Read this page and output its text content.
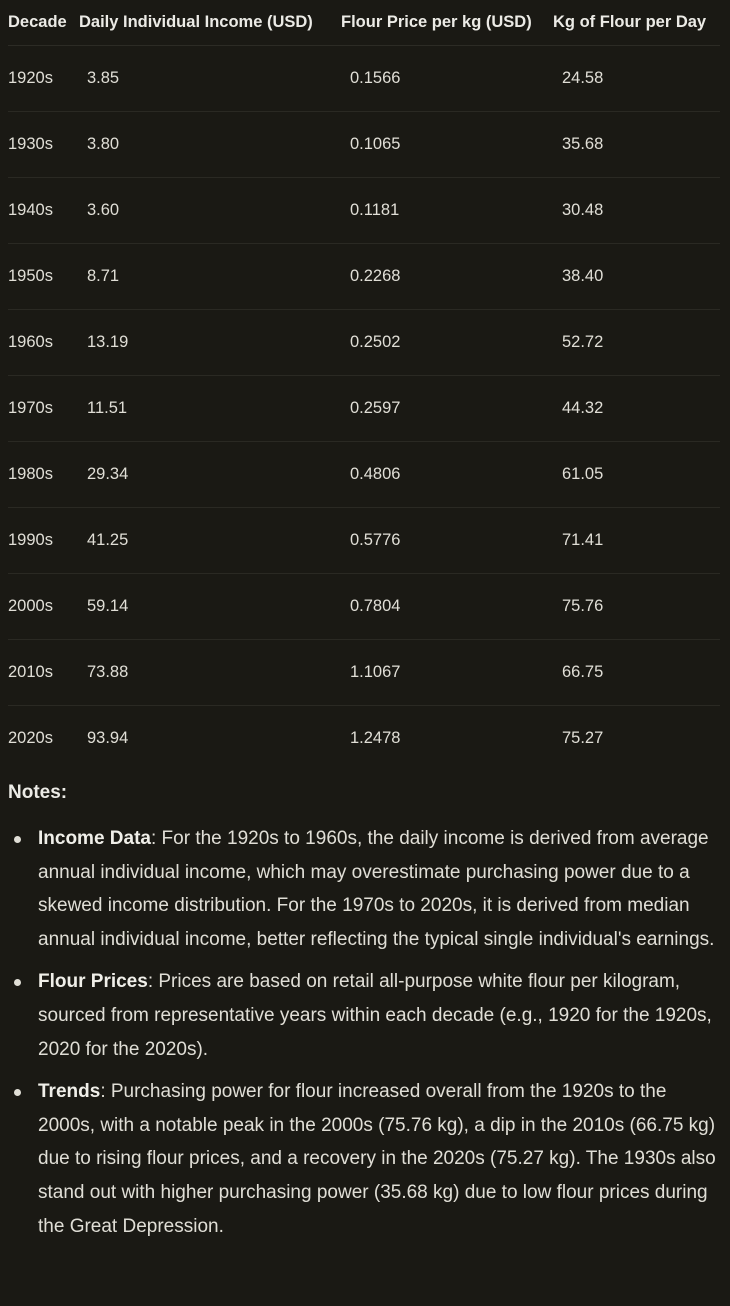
Decade	Daily Individual Income (USD)	Flour Price per kg (USD)	Kg of Flour per Day
1920s	3.85	0.1566	24.58
1930s	3.80	0.1065	35.68
1940s	3.60	0.1181	30.48
1950s	8.71	0.2268	38.40
1960s	13.19	0.2502	52.72
1970s	11.51	0.2597	44.32
1980s	29.34	0.4806	61.05
1990s	41.25	0.5776	71.41
2000s	59.14	0.7804	75.76
2010s	73.88	1.1067	66.75
2020s	93.94	1.2478	75.27
Notes:
Income Data: For the 1920s to 1960s, the daily income is derived from average annual individual income, which may overestimate purchasing power due to a skewed income distribution. For the 1970s to 2020s, it is derived from median annual individual income, better reflecting the typical single individual's earnings.
Flour Prices: Prices are based on retail all-purpose white flour per kilogram, sourced from representative years within each decade (e.g., 1920 for the 1920s, 2020 for the 2020s).
Trends: Purchasing power for flour increased overall from the 1920s to the 2000s, with a notable peak in the 2000s (75.76 kg), a dip in the 2010s (66.75 kg) due to rising flour prices, and a recovery in the 2020s (75.27 kg). The 1930s also stand out with higher purchasing power (35.68 kg) due to low flour prices during the Great Depression.
